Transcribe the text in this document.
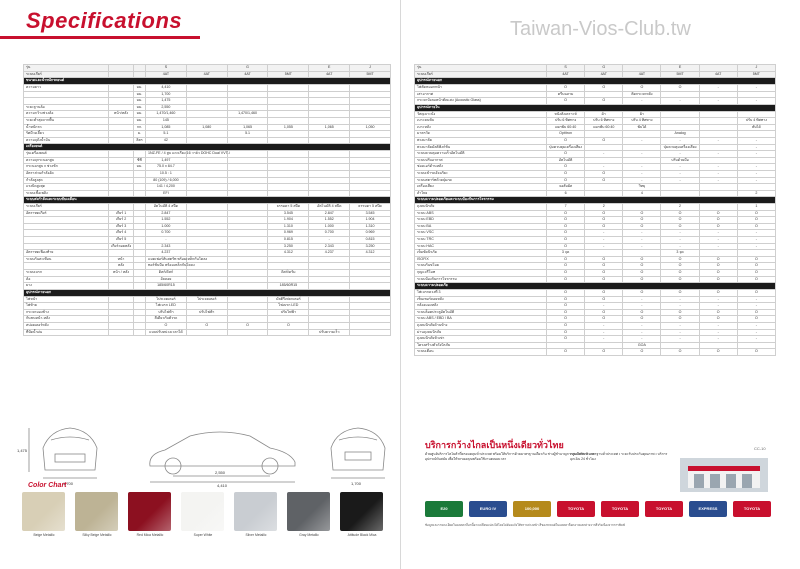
Specifications	Taiwan-Vios-Club.tw
รุ่น			S		G		E	J
ระบบเกียร์			4AT	4AT	4AT	5MT	4AT	5MT
ขนาดและน้ำหนักรถยนต์								
ความยาว		มม.	4,410					
		มม.	1,700					
		มม.	1,475					
ระยะฐานล้อ		มม.	2,550					
ความกว้างช่วงล้อ	หน้า/หลัง	มม.	1,470/1,460		1,470/1,460			
ระยะต่ำสุดจากพื้น		มม.	145					
น้ำหนักรถ		กก.	1,085	1,080	1,065	1,055	1,065	1,050
รัศมีวงเลี้ยว		ม.	5.1		5.1			
ความจุถังน้ำมัน		ลิตร	42					
เครื่องยนต์								
รุ่นเครื่องยนต์			1NZ-FE / 4 สูบ แถวเรียง 16 วาล์ว DOHC Dual VVT-i					
ความจุกระบอกสูบ		ซีซี	1,497					
กระบอกสูบ x ช่วงชัก		มม.	75.0 x 84.7					
อัตราส่วนกำลังอัด			10.5 : 1					
กำลังสูงสุด			80 (109) / 6,000					
แรงบิดสูงสุด			141 / 4,200					
ระบบเชื้อเพลิง			EFI					
ระบบส่งกำลังและระบบขับเคลื่อน								
ระบบเกียร์			อัตโนมัติ 4 สปีด			ธรรมดา 5 สปีด	อัตโนมัติ 4 สปีด	ธรรมดา 5 สปีด
อัตราทดเกียร์	เกียร์ 1		2.847			3.545	2.847	3.545
	เกียร์ 2		1.552			1.904	1.552	1.904
	เกียร์ 3		1.000			1.310	1.000	1.310
	เกียร์ 4		0.700			0.969	0.700	0.969
	เกียร์ 5		-			0.815	-	0.815
	เกียร์ถอยหลัง		2.343			3.250	2.343	3.250
อัตราทดเฟืองท้าย			4.237			4.312	4.237	4.312
ระบบกันสะเทือน	หน้า		แมคเฟอร์สันสตรัท พร้อมเหล็กกันโคลง					
	หลัง		ทอร์ชั่นบีม พร้อมเหล็กกันโคลง					
ระบบเบรก	หน้า / หลัง		ดิสก์/ดิสก์			ดิสก์/ดรัม		
ล้อ			อัลลอย					
ยาง			185/60R15			185/60R15		
อุปกรณ์ภายนอก								
ไฟหน้า			โปรเจคเตอร์	โปรเจคเตอร์		มัลติรีเฟลกเตอร์		
ไฟท้าย			ไฟเบรก LED			ไฟเบรก LED		
กระจกมองข้าง			ปรับไฟฟ้า	ปรับไฟฟ้า		ปรับไฟฟ้า		
กันชนหน้า-หลัง			สีเดียวกับตัวรถ					
สปอยเลอร์หลัง			O	O	O	O		
ที่ปัดน้ำฝน			แบบปรับหน่วงเวลาได้				ปรับความเร็ว	
รุ่น	S	G		E		J
ระบบเกียร์	4AT	4AT	4AT	5MT	4AT	5MT
อุปกรณ์ภายนอก						
ไฟตัดหมอกหน้า	O	O	O	O	-	-
เสาอากาศ	ครีบฉลาม		ติดกระจกหลัง			
กระจกบังลมหน้าตัดแสง (Acoustic Glass)	O	O	-	-	-	-
อุปกรณ์ภายใน						
วัสดุเบาะนั่ง	หนังสังเคราะห์	ผ้า	ผ้า			
เบาะคนขับ	ปรับ 6 ทิศทาง	ปรับ 6 ทิศทาง	ปรับ 4 ทิศทาง			ปรับ 4 ทิศทาง
เบาะหลัง	แยกพับ 60:40	แยกพับ 60:40	พับได้			พับได้
มาตรวัด	Optitron			Analog		
พวงมาลัย	O	O	-	-	-	-
พวงมาลัยมัลติฟังก์ชั่น	ปุ่มควบคุมเครื่องเสียง			ปุ่มควบคุมเครื่องเสียง		-
ระบบควบคุมความเร็วอัตโนมัติ	O	-	-	-	-	-
ระบบปรับอากาศ	อัตโนมัติ			ปรับด้วยมือ		
ช่องแอร์ด้านหลัง	O	-	-	-	-	-
ระบบเข้ารถอัจฉริยะ	O	O	-	-	-	-
ระบบสตาร์ทด้วยปุ่มกด	O	O	-	-	-	-
เครื่องเสียง	จอสัมผัส		วิทยุ			
ลำโพง	6		4			2
ระบบความปลอดภัยและระบบป้องกันการโจรกรรม						
ถุงลมนิรภัย	7	2		2		1
ระบบ ABS	O	O	O	O	O	O
ระบบ EBD	O	O	O	O	O	O
ระบบ BA	O	O	O	O	O	O
ระบบ VSC	O	-	-	-	-	-
ระบบ TRC	O	-	-	-	-	-
ระบบ HAC	O	-	-	-	-	-
เข็มขัดนิรภัย	3 จุด			3 จุด		
ISOFIX	O	O	O	O	O	O
ระบบกันขโมย	O	O	O	O	O	O
กุญแจรีโมท	O	O	O	O	O	O
ระบบป้องกันการโจรกรรม	O	O	O	O	O	O
ระบบความปลอดภัย						
ไฟเบรกดวงที่ 3	O	O	O	O	O	O
เซ็นเซอร์ถอยหลัง	O	O	-	-	-	-
กล้องมองหลัง	O	-	-	-	-	-
ระบบล็อคประตูอัตโนมัติ	O	O	O	O	O	O
ระบบ ABS / EBD / BA	O	O	O	O	O	O
ถุงลมนิรภัยด้านข้าง	O	-	-	-	-	-
ม่านถุงลมนิรภัย	O	-	-	-	-	-
ถุงลมนิรภัยหัวเข่า	O	-	-	-	-	-
โครงสร้างตัวถังนิรภัย			GOA			
ระบบเตือน	O	O	O	O	O	O
1,475
1,700
2,550
4,410	1,700
Color Chart
Beige Metallic	Silky Beige Metallic	Red Mica Metallic	Super White	Silver Metallic	Gray Metallic	Attitude Black Mica
บริการกว้างไกลเป็นหนึ่งเดียวทั่วไทย
ด้วยศูนย์บริการโตโยต้าที่ครอบคลุมทั่วประเทศ พร้อมให้บริการด้วยมาตรฐานเดียวกัน ช่างผู้ชำนาญการ อะไหล่แท้ และอุปกรณ์ทันสมัย เพื่อให้รถของคุณพร้อมใช้งานตลอดเวลา
• ศูนย์บริการมาตรฐานทั่วประเทศ • ระยะรับประกันคุณภาพ • บริการฉุกเฉิน 24 ชั่วโมง
CC-10
E20	EURO IV	100,000	TOYOTA	TOYOTA	TOYOTA	EXPRESS	TOYOTA
ข้อมูลและรายละเอียดในแคตตาล็อกนี้อาจเปลี่ยนแปลงได้โดยไม่ต้องแจ้งให้ทราบล่วงหน้า สีของรถยนต์ในแคตตาล็อกอาจแตกต่างจากสีจริงเนื่องจากการพิมพ์
